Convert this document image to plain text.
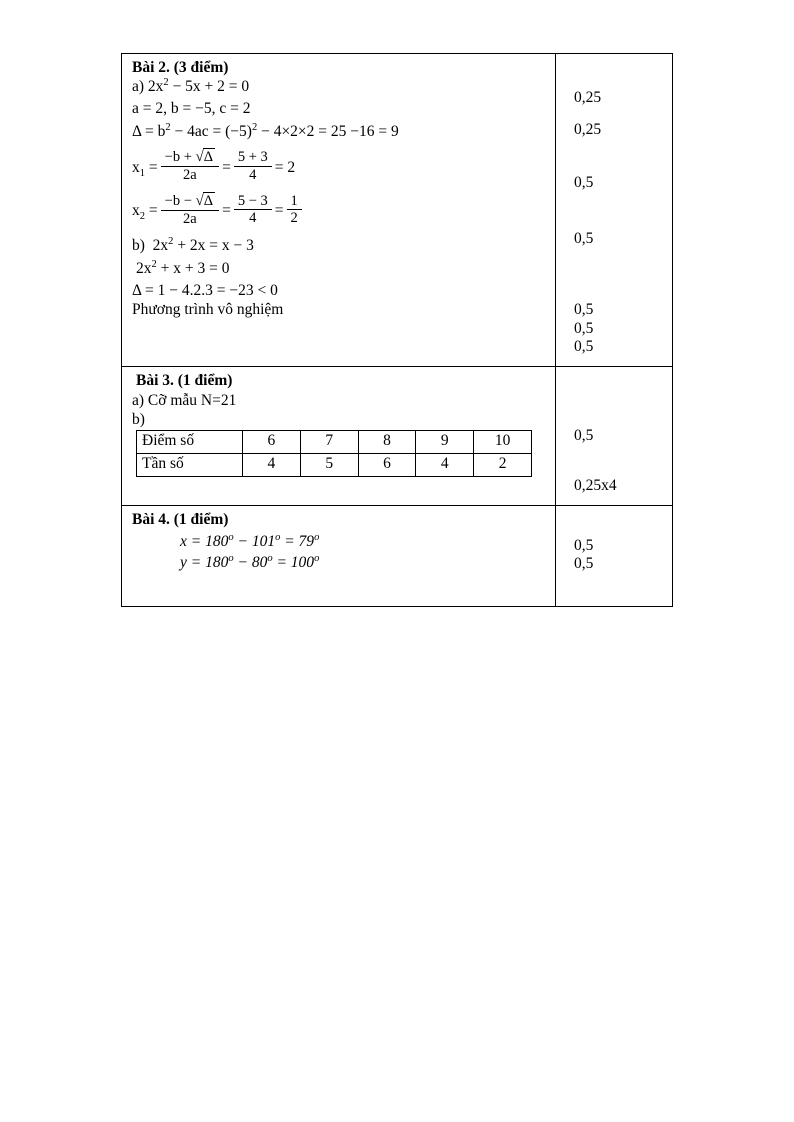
Bài 2. (3 điểm)
a) $2x^2 - 5x + 2 = 0$
a = 2, b = −5, c = 2
$\Delta = b^2 - 4ac = (-5)^2 - 4\times 2\times 2 = 25 -16 = 9$
$x_1 = \frac{-b + √\Delta}{2a} = \frac{5 + 3}{4} = 2$
$x_2 = \frac{-b - √\Delta}{2a} = \frac{5 - 3}{4} = \frac{1}{2}$
b) $2x^2 + 2x = x - 3$
$2x^2 + x + 3 = 0$
Δ = 1 − 4.2.3 = −23 < 0
Phương trình vô nghiệm

0,25
0,25
0,5
0,5
0,5
0,5
0,5

Bài 3. (1 điểm)
a) Cỡ mẫu N=21
b)
Điểm số	6	7	8	9	10
Tần số	4	5	6	4	2

0,5
0,25x4

Bài 4. (1 điểm)
$x = 180^o - 101^o = 79^o$
$y = 180^o - 80^o = 100^o$

0,5
0,5
